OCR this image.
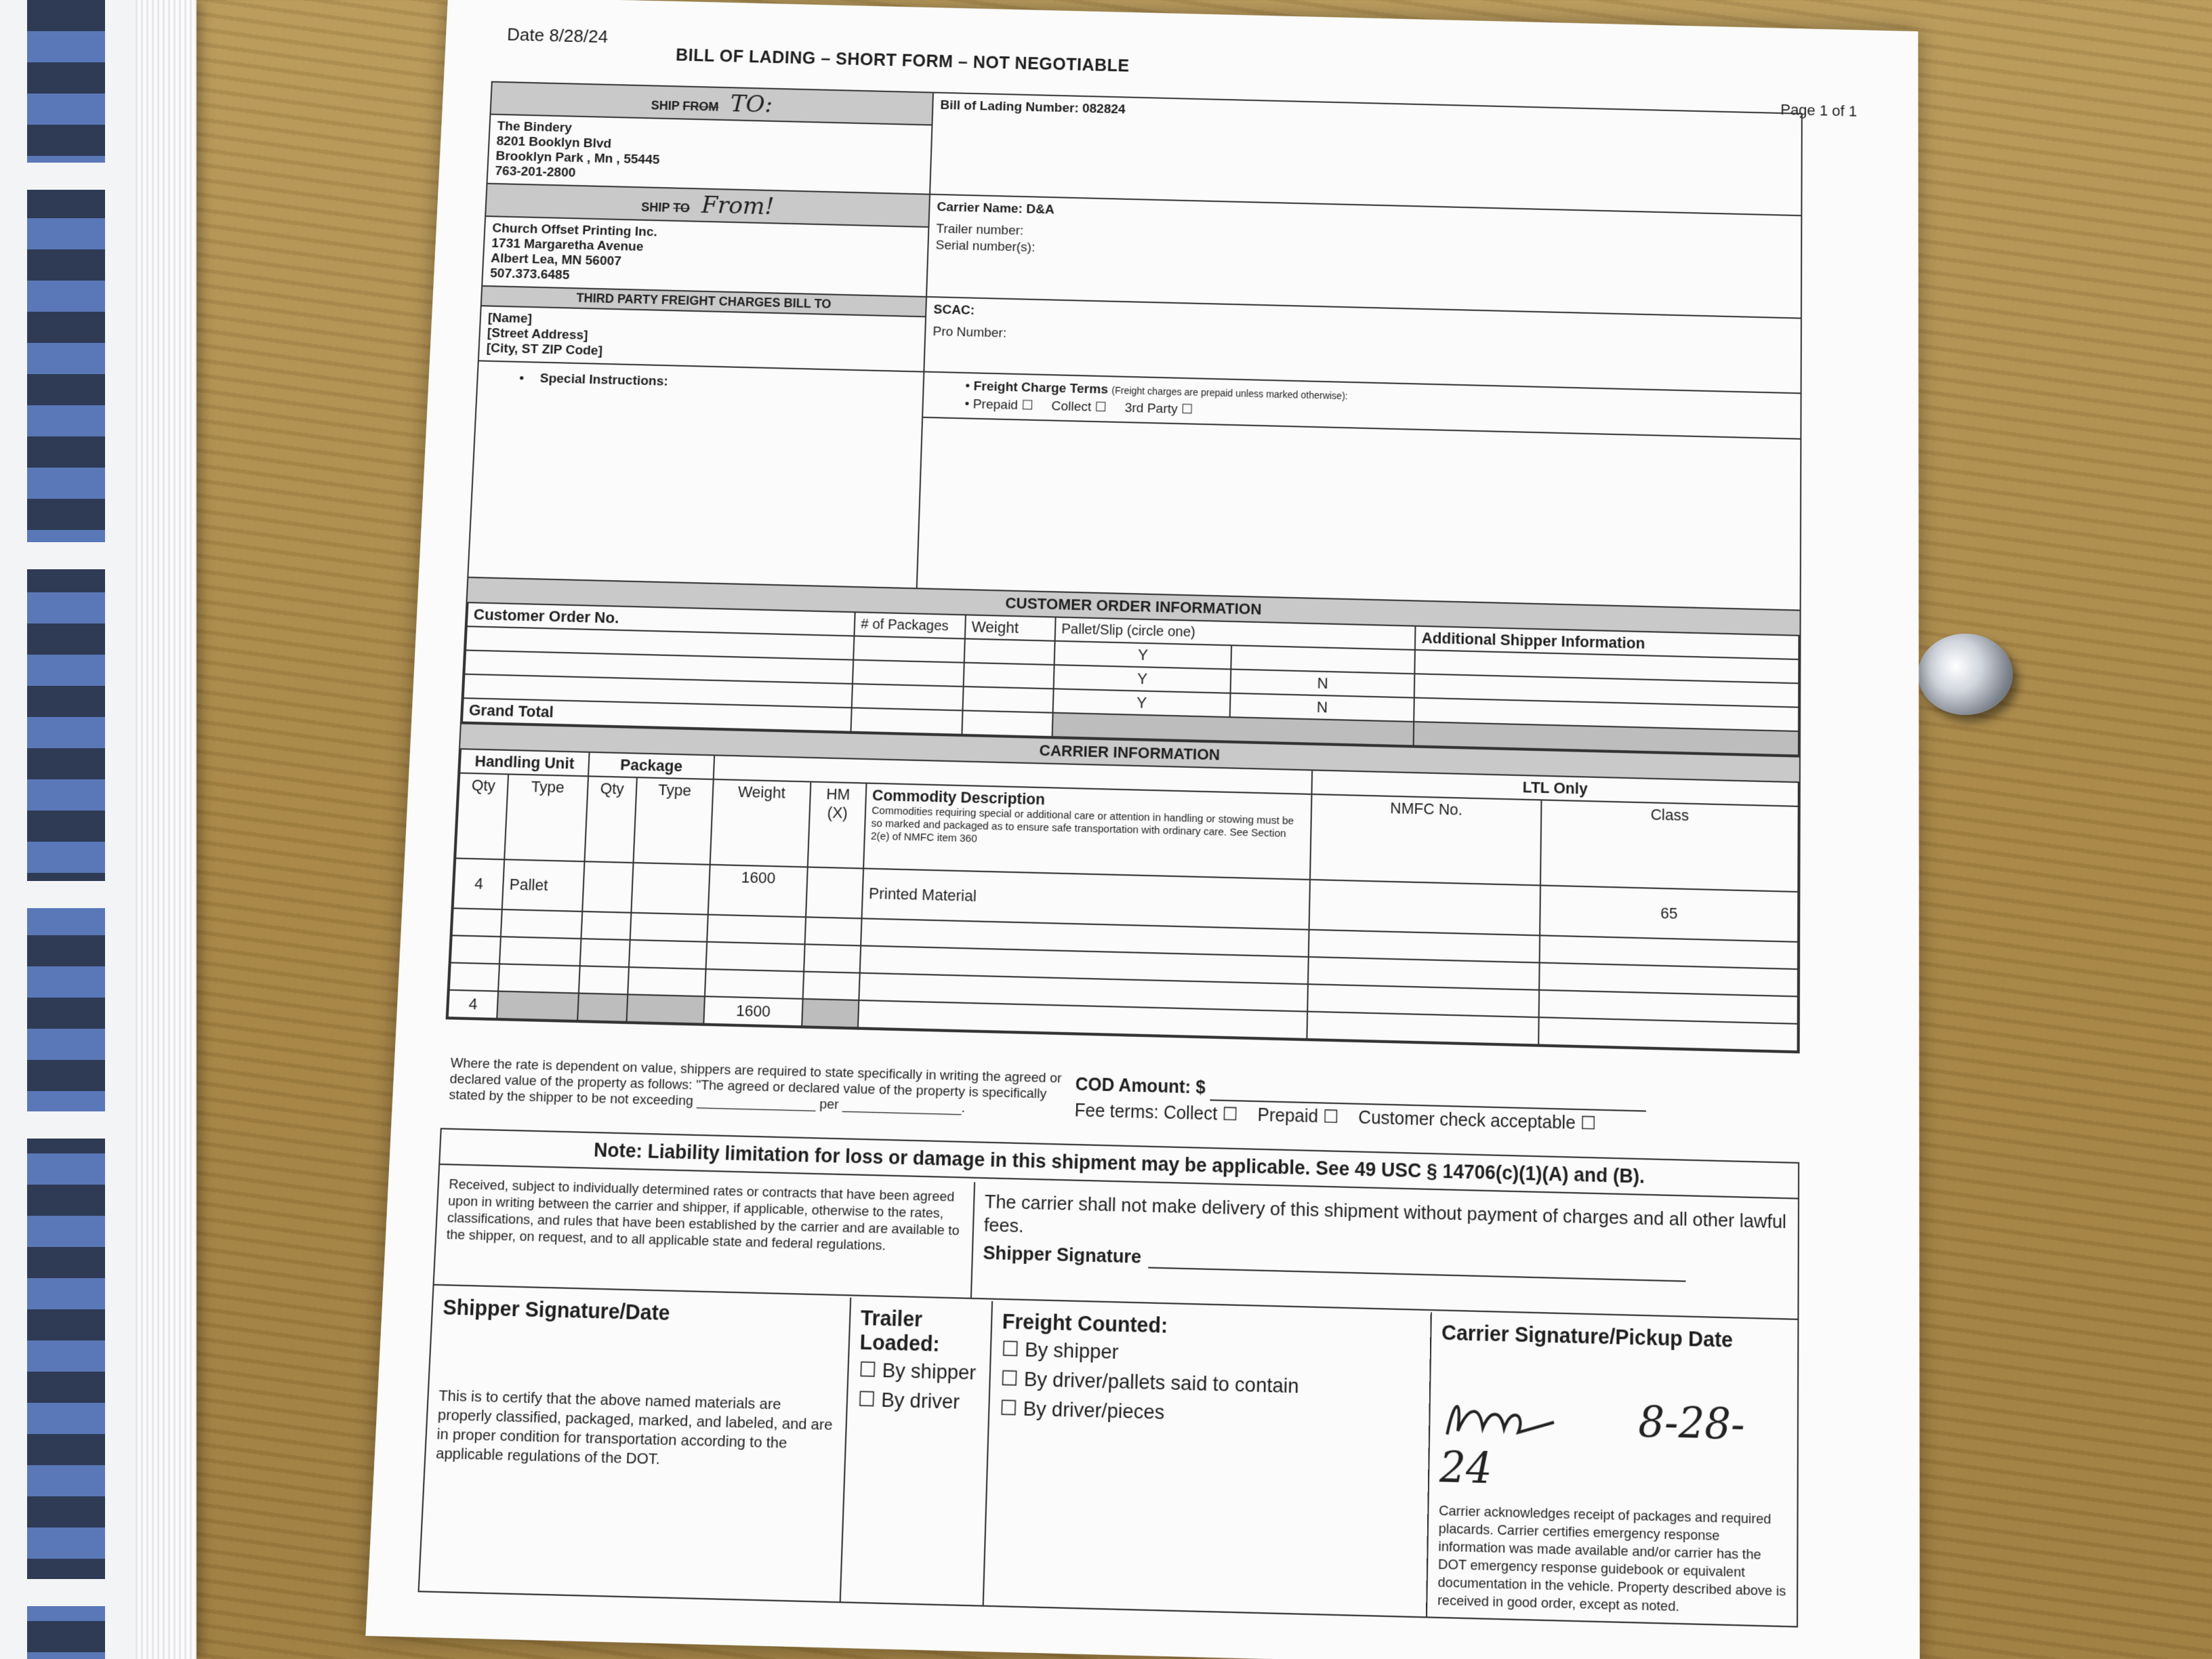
Date 8/28/24
BILL OF LADING – SHORT FORM – NOT NEGOTIABLE
Page 1 of 1
SHIP FROM TO:
The Bindery
8201 Booklyn Blvd
Brooklyn Park , Mn , 55445
763-201-2800
Bill of Lading Number: 082824
SHIP TO From!
Church Offset Printing Inc.
1731 Margaretha Avenue
Albert Lea, MN 56007
507.373.6485
Carrier Name: D&A
Trailer number:
Serial number(s):
THIRD PARTY FREIGHT CHARGES BILL TO
[Name]
[Street Address]
[City, ST ZIP Code]
SCAC:
Pro Number:
• Special Instructions:	• Freight Charge Terms (Freight charges are prepaid unless marked otherwise):
• Prepaid ☐ Collect ☐ 3rd Party ☐
CUSTOMER ORDER INFORMATION
Customer Order No.	# of Packages	Weight	Pallet/Slip (circle one)		Additional Shipper Information
			Y		
			Y	N	
			Y	N	
Grand Total					
CARRIER INFORMATION
Handling Unit		Package					LTL Only	
Qty	Type	Qty	Type	Weight	HM (X)	Commodity Description
Commodities requiring special or additional care or attention in handling or stowing must be so marked and packaged as to ensure safe transportation with ordinary care. See Section 2(e) of NMFC item 360	NMFC No.	Class
4	Pallet			1600		Printed Material		65

4				1600				
Where the rate is dependent on value, shippers are required to state specifically in writing the agreed or declared value of the property as follows: "The agreed or declared value of the property is specifically stated by the shipper to be not exceeding ________________ per ________________.
COD Amount: $
Fee terms: Collect ☐ Prepaid ☐ Customer check acceptable ☐
Note: Liability limitation for loss or damage in this shipment may be applicable. See 49 USC § 14706(c)(1)(A) and (B).
Received, subject to individually determined rates or contracts that have been agreed upon in writing between the carrier and shipper, if applicable, otherwise to the rates, classifications, and rules that have been established by the carrier and are available to the shipper, on request, and to all applicable state and federal regulations.
The carrier shall not make delivery of this shipment without payment of charges and all other lawful fees.
Shipper Signature
Shipper Signature/Date
This is to certify that the above named materials are properly classified, packaged, marked, and labeled, and are in proper condition for transportation according to the applicable regulations of the DOT.
Trailer Loaded:
☐ By shipper
☐ By driver
Freight Counted:
☐ By shipper
☐ By driver/pallets said to contain
☐ By driver/pieces
Carrier Signature/Pickup Date
8-28-24
Carrier acknowledges receipt of packages and required placards. Carrier certifies emergency response information was made available and/or carrier has the DOT emergency response guidebook or equivalent documentation in the vehicle. Property described above is received in good order, except as noted.
